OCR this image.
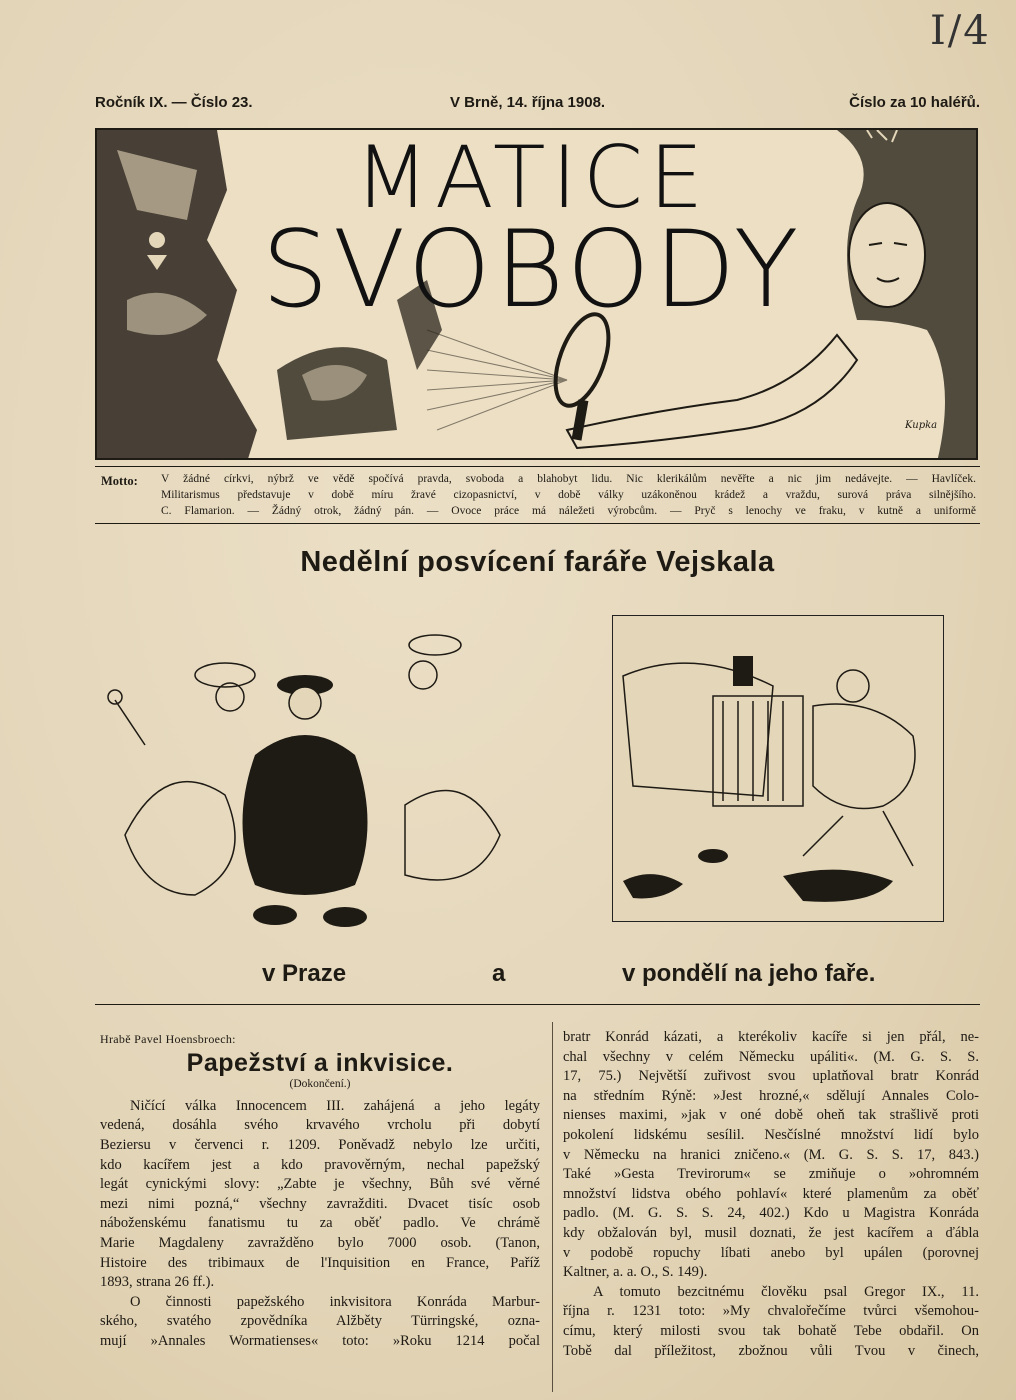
I/4
Ročník IX. — Číslo 23.	V Brně, 14. října 1908.	Číslo za 10 haléřů.
Kupka
MATICE
SVOBODY
Motto: V žádné církvi, nýbrž ve vědě spočívá pravda, svoboda a blahobyt lidu. Nic klerikálům nevěřte a nic jim nedávejte. — Havlíček.
Militarismus představuje v době míru žravé cizopasnictví, v době války uzákoněnou krádež a vraždu, surová práva silnějšího.
C. Flamarion. — Žádný otrok, žádný pán. — Ovoce práce má náležeti výrobcům. — Pryč s lenochy ve fraku, v kutně a uniformě
Nedělní posvícení faráře Vejskala
v Praze	a	v pondělí na jeho faře.
Hrabě Pavel Hoensbroech:
Papežství a inkvisice.
(Dokončení.)

Ničící válka Innocencem III. zahájená a jeho legáty

vedená, dosáhla svého krvavého vrcholu při dobytí

Beziersu v červenci r. 1209. Poněvadž nebylo lze určiti,

kdo kacířem jest a kdo pravověrným, nechal papežský

legát cynickými slovy: „Zabte je všechny, Bůh své věrné

mezi nimi pozná,“ všechny zavražditi. Dvacet tisíc osob

náboženskému fanatismu tu za oběť padlo. Ve chrámě

Marie Magdaleny zavražděno bylo 7000 osob. (Tanon,

Histoire des tribimaux de l'Inquisition en France, Paříž

1893, strana 26 ff.).

O činnosti papežského inkvisitora Konráda Marbur-

ského, svatého zpovědníka Alžběty Türringské, ozna-

mují »Annales Wormatienses« toto: »Roku 1214 počal

bratr Konrád kázati, a kterékoliv kacíře si jen přál, ne-

chal všechny v celém Německu upáliti«. (M. G. S. S.

17, 75.) Největší zuřivost svou uplatňoval bratr Konrád

na středním Rýně: »Jest hrozné,« sdělují Annales Colo-

nienses maximi, »jak v oné době oheň tak strašlivě proti

pokolení lidskému sesílil. Nesčíslné množství lidí bylo

v Německu na hranici zničeno.« (M. G. S. S. 17, 843.)

Také »Gesta Trevirorum« se zmiňuje o »ohromném

množství lidstva obého pohlaví« které plamenům za oběť

padlo. (M. G. S. S. 24, 402.) Kdo u Magistra Konráda

kdy obžalován byl, musil doznati, že jest kacířem a ďábla

v podobě ropuchy líbati anebo byl upálen (porovnej

Kaltner, a. a. O., S. 149).

A tomuto bezcitnému člověku psal Gregor IX., 11.

října r. 1231 toto: »My chvalořečíme tvůrci všemohou-

címu, který milosti svou tak bohatě Tebe obdařil. On

Tobě dal příležitost, zbožnou vůli Tvou v činech,
